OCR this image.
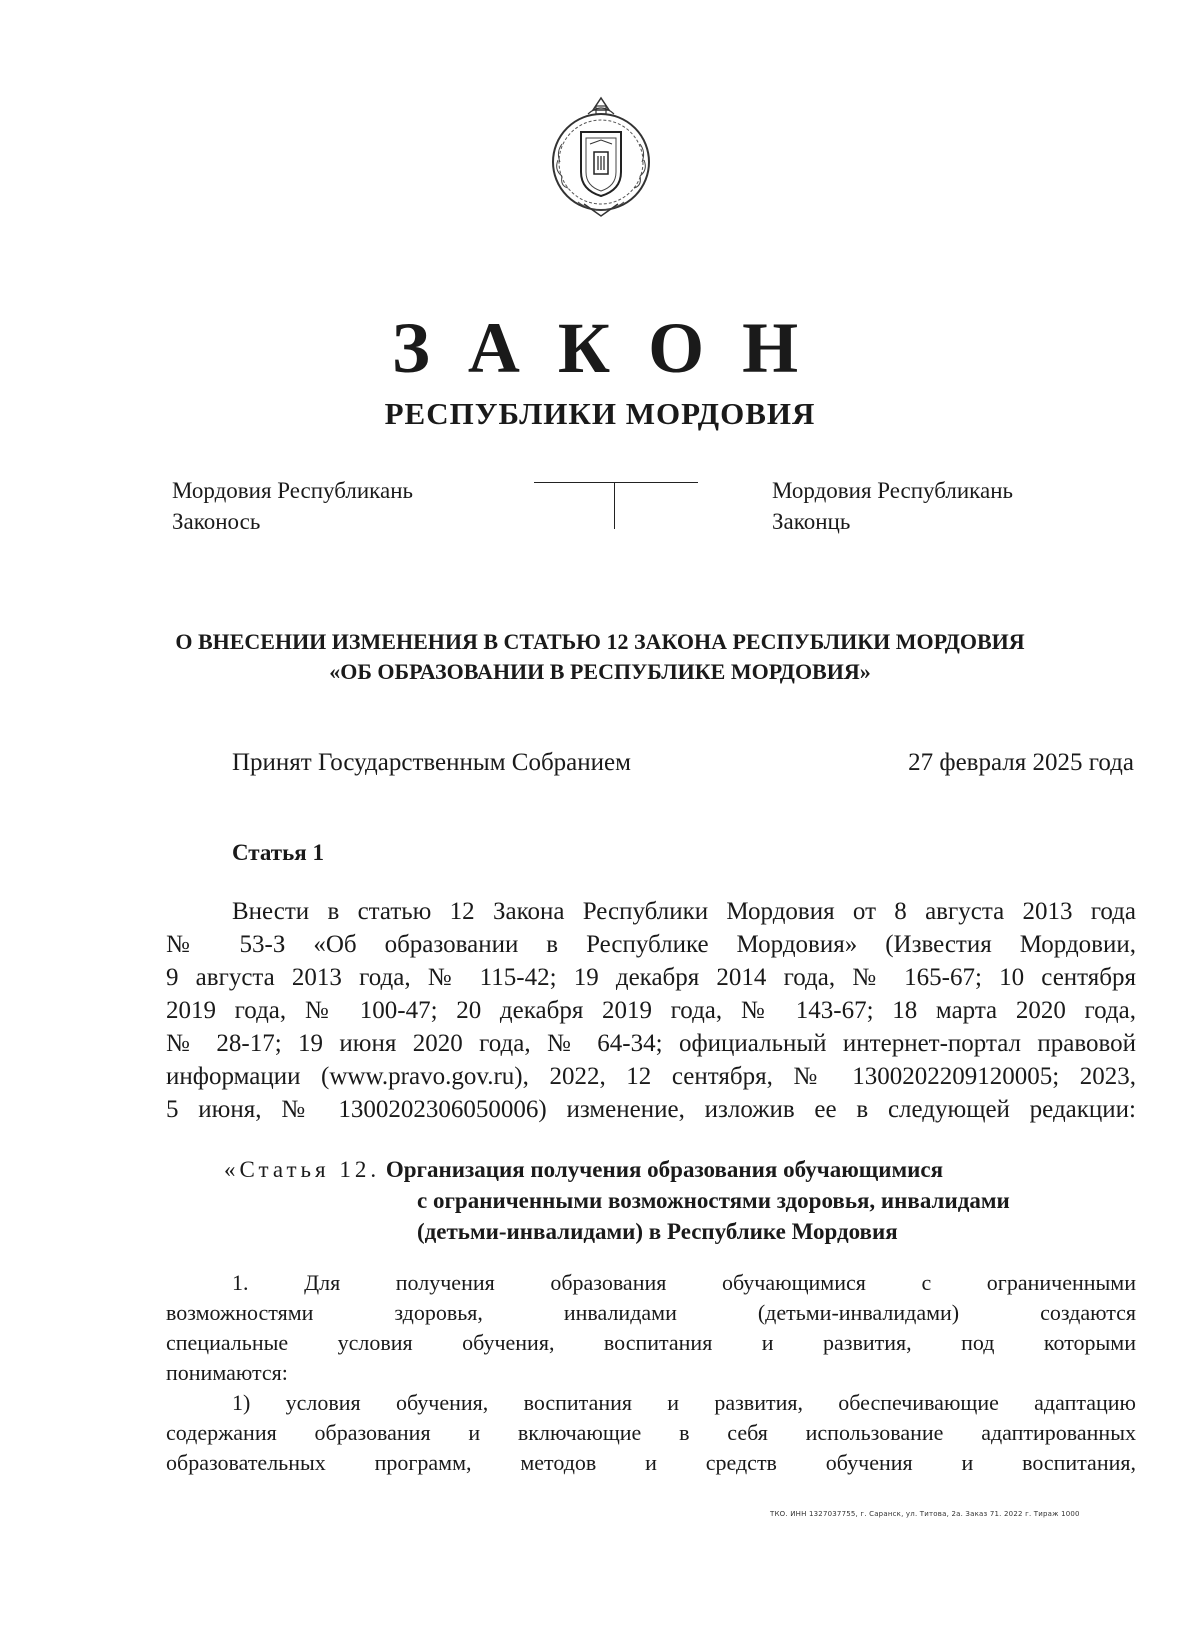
З А К О Н
РЕСПУБЛИКИ МОРДОВИЯ
Мордовия Республикань
Законось
Мордовия Республикань
Законць
О ВНЕСЕНИИ ИЗМЕНЕНИЯ В СТАТЬЮ 12 ЗАКОНА РЕСПУБЛИКИ МОРДОВИЯ
«ОБ ОБРАЗОВАНИИ В РЕСПУБЛИКЕ МОРДОВИЯ»
Принят Государственным Собранием	27 февраля 2025 года
Статья 1
Внести в статью 12 Закона Республики Мордовия от 8 августа 2013 года
№ 53-З «Об образовании в Республике Мордовия» (Известия Мордовии,
9 августа 2013 года, № 115-42; 19 декабря 2014 года, № 165-67; 10 сентября
2019 года, № 100-47; 20 декабря 2019 года, № 143-67; 18 марта 2020 года,
№ 28-17; 19 июня 2020 года, № 64-34; официальный интернет-портал правовой
информации (www.pravo.gov.ru), 2022, 12 сентября, № 1300202209120005; 2023,
5 июня, № 1300202306050006) изменение, изложив ее в следующей редакции:
«Статья 12. Организация получения образования обучающимися
с ограниченными возможностями здоровья, инвалидами
(детьми-инвалидами) в Республике Мордовия
1. Для получения образования обучающимися с ограниченными
возможностями здоровья, инвалидами (детьми-инвалидами) создаются
специальные условия обучения, воспитания и развития, под которыми
понимаются:
1) условия обучения, воспитания и развития, обеспечивающие адаптацию
содержания образования и включающие в себя использование адаптированных
образовательных программ, методов и средств обучения и воспитания,
ТКО. ИНН 1327037755, г. Саранск, ул. Титова, 2а. Заказ 71. 2022 г. Тираж 1000
